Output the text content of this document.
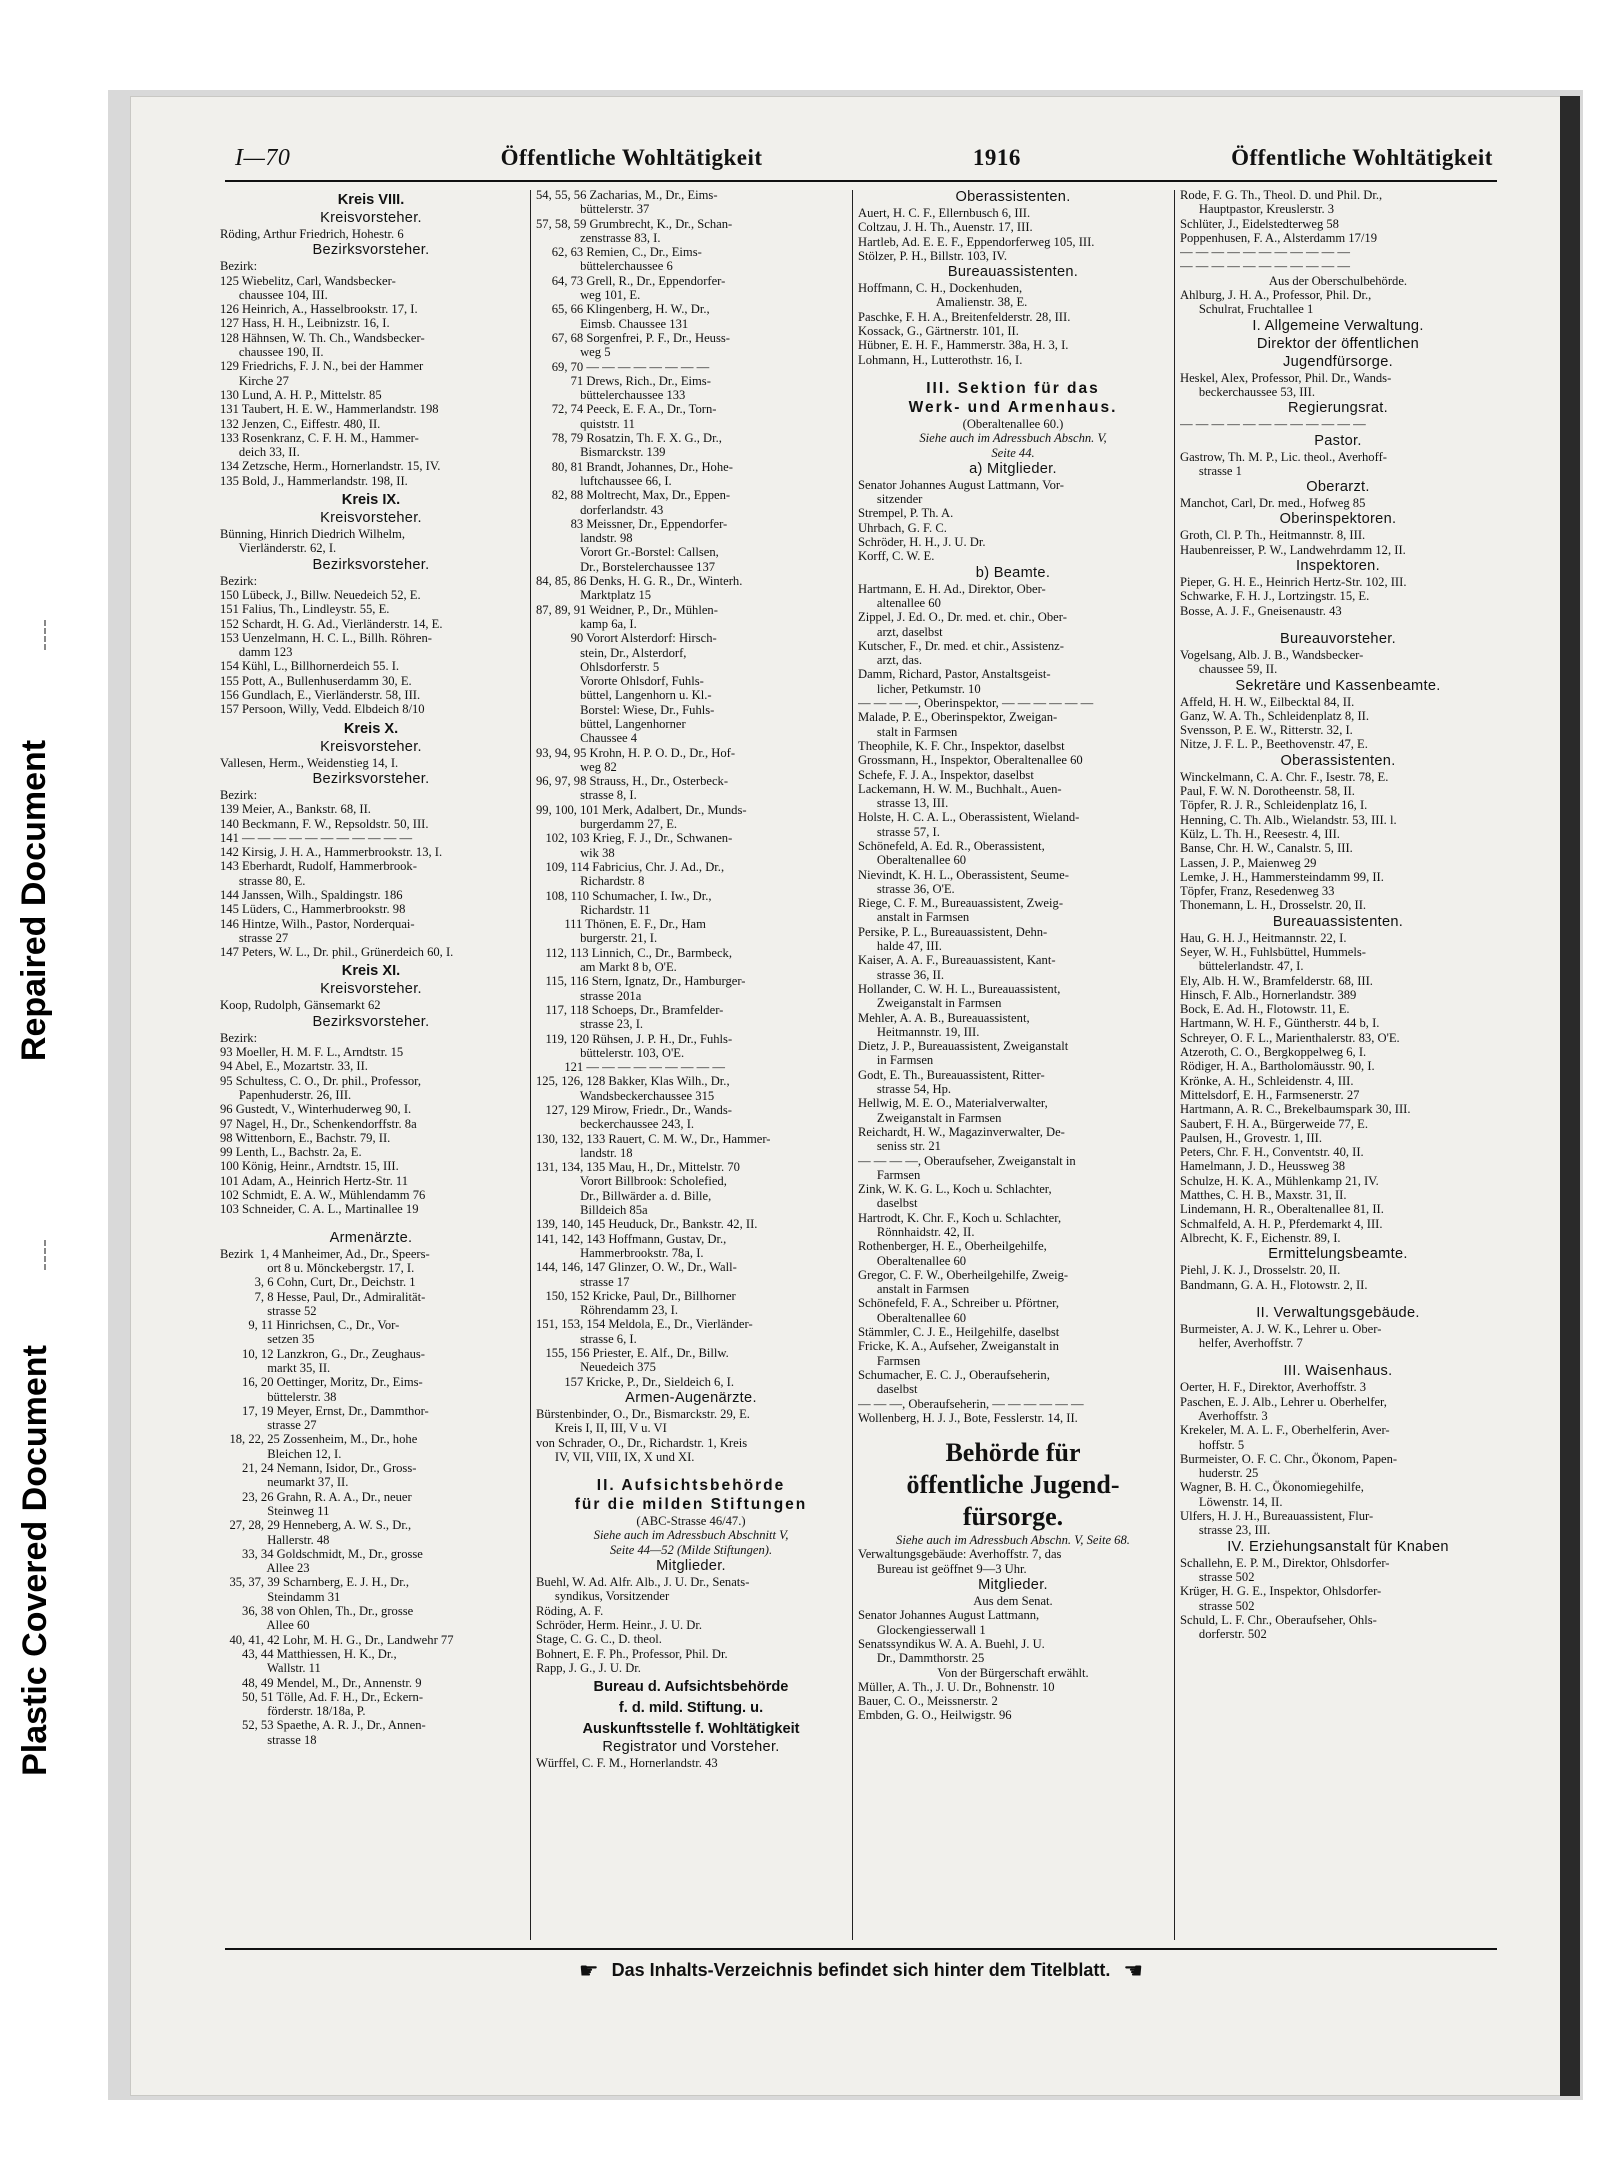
Repaired Document
Plastic Covered Document
I—70	Öffentliche Wohltätigkeit	1916	Öffentliche Wohltätigkeit
Kreis VIII.
Kreisvorsteher.
Röding, Arthur Friedrich, Hohestr. 6
Bezirksvorsteher.
Bezirk:
125 Wiebelitz, Carl, Wandsbecker-
chaussee 104, III.
126 Heinrich, A., Hasselbrookstr. 17, I.
127 Hass, H. H., Leibnizstr. 16, I.
128 Hähnsen, W. Th. Ch., Wandsbecker-
chaussee 190, II.
129 Friedrichs, F. J. N., bei der Hammer
Kirche 27
130 Lund, A. H. P., Mittelstr. 85
131 Taubert, H. E. W., Hammerlandstr. 198
132 Jenzen, C., Eiffestr. 480, II.
133 Rosenkranz, C. F. H. M., Hammer-
deich 33, II.
134 Zetzsche, Herm., Hornerlandstr. 15, IV.
135 Bold, J., Hammerlandstr. 198, II.
Kreis IX.
Kreisvorsteher.
Bünning, Hinrich Diedrich Wilhelm,
Vierländerstr. 62, I.
Bezirksvorsteher.
Bezirk:
150 Lübeck, J., Billw. Neuedeich 52, E.
151 Falius, Th., Lindleystr. 55, E.
152 Schardt, H. G. Ad., Vierländerstr. 14, E.
153 Uenzelmann, H. C. L., Billh. Röhren-
damm 123
154 Kühl, L., Billhornerdeich 55. I.
155 Pott, A., Bullenhuserdamm 30, E.
156 Gundlach, E., Vierländerstr. 58, III.
157 Persoon, Willy, Vedd. Elbdeich 8/10
Kreis X.
Kreisvorsteher.
Vallesen, Herm., Weidenstieg 14, I.
Bezirksvorsteher.
Bezirk:
139 Meier, A., Bankstr. 68, II.
140 Beckmann, F. W., Repsoldstr. 50, III.
141 — — — — — — — — — — —
142 Kirsig, J. H. A., Hammerbrookstr. 13, I.
143 Eberhardt, Rudolf, Hammerbrook-
strasse 80, E.
144 Janssen, Wilh., Spaldingstr. 186
145 Lüders, C., Hammerbrookstr. 98
146 Hintze, Wilh., Pastor, Norderquai-
strasse 27
147 Peters, W. L., Dr. phil., Grünerdeich 60, I.
Kreis XI.
Kreisvorsteher.
Koop, Rudolph, Gänsemarkt 62
Bezirksvorsteher.
Bezirk:
93 Moeller, H. M. F. L., Arndtstr. 15
94 Abel, E., Mozartstr. 33, II.
95 Schultess, C. O., Dr. phil., Professor,
Papenhuderstr. 26, III.
96 Gustedt, V., Winterhuderweg 90, I.
97 Nagel, H., Dr., Schenkendorffstr. 8a
98 Wittenborn, E., Bachstr. 79, II.
99 Lenth, L., Bachstr. 2a, E.
100 König, Heinr., Arndtstr. 15, III.
101 Adam, A., Heinrich Hertz-Str. 11
102 Schmidt, E. A. W., Mühlendamm 76
103 Schneider, C. A. L., Martinallee 19
Armenärzte.
Bezirk  1, 4 Manheimer, Ad., Dr., Speers-
ort 8 u. Mönckebergstr. 17, I.
3, 6 Cohn, Curt, Dr., Deichstr. 1
7, 8 Hesse, Paul, Dr., Admiralität-
strasse 52
9, 11 Hinrichsen, C., Dr., Vor-
setzen 35
10, 12 Lanzkron, G., Dr., Zeughaus-
markt 35, II.
16, 20 Oettinger, Moritz, Dr., Eims-
büttelerstr. 38
17, 19 Meyer, Ernst, Dr., Dammthor-
strasse 27
18, 22, 25 Zossenheim, M., Dr., hohe
Bleichen 12, I.
21, 24 Nemann, Isidor, Dr., Gross-
neumarkt 37, II.
23, 26 Grahn, R. A. A., Dr., neuer
Steinweg 11
27, 28, 29 Henneberg, A. W. S., Dr.,
Hallerstr. 48
33, 34 Goldschmidt, M., Dr., grosse
Allee 23
35, 37, 39 Scharnberg, E. J. H., Dr.,
Steindamm 31
36, 38 von Ohlen, Th., Dr., grosse
Allee 60
40, 41, 42 Lohr, M. H. G., Dr., Landwehr 77
43, 44 Matthiessen, H. K., Dr.,
Wallstr. 11
48, 49 Mendel, M., Dr., Annenstr. 9
50, 51 Tölle, Ad. F. H., Dr., Eckern-
förderstr. 18/18a, P.
52, 53 Spaethe, A. R. J., Dr., Annen-
strasse 18
54, 55, 56 Zacharias, M., Dr., Eims-
büttelerstr. 37
57, 58, 59 Grumbrecht, K., Dr., Schan-
zenstrasse 83, I.
62, 63 Remien, C., Dr., Eims-
büttelerchaussee 6
64, 73 Grell, R., Dr., Eppendorfer-
weg 101, E.
65, 66 Klingenberg, H. W., Dr.,
Eimsb. Chaussee 131
67, 68 Sorgenfrei, P. F., Dr., Heuss-
weg 5
69, 70 — — — — — — — —
71 Drews, Rich., Dr., Eims-
büttelerchaussee 133
72, 74 Peeck, E. F. A., Dr., Torn-
quiststr. 11
78, 79 Rosatzin, Th. F. X. G., Dr.,
Bismarckstr. 139
80, 81 Brandt, Johannes, Dr., Hohe-
luftchaussee 66, I.
82, 88 Moltrecht, Max, Dr., Eppen-
dorferlandstr. 43
83 Meissner, Dr., Eppendorfer-
landstr. 98
Vorort Gr.-Borstel: Callsen,
Dr., Borstelerchaussee 137
84, 85, 86 Denks, H. G. R., Dr., Winterh.
Marktplatz 15
87, 89, 91 Weidner, P., Dr., Mühlen-
kamp 6a, I.
90 Vorort Alsterdorf: Hirsch-
stein, Dr., Alsterdorf,
Ohlsdorferstr. 5
Vororte Ohlsdorf, Fuhls-
büttel, Langenhorn u. Kl.-
Borstel: Wiese, Dr., Fuhls-
büttel, Langenhorner
Chaussee 4
93, 94, 95 Krohn, H. P. O. D., Dr., Hof-
weg 82
96, 97, 98 Strauss, H., Dr., Osterbeck-
strasse 8, I.
99, 100, 101 Merk, Adalbert, Dr., Munds-
burgerdamm 27, E.
102, 103 Krieg, F. J., Dr., Schwanen-
wik 38
109, 114 Fabricius, Chr. J. Ad., Dr.,
Richardstr. 8
108, 110 Schumacher, I. Iw., Dr.,
Richardstr. 11
111 Thönen, E. F., Dr., Ham
burgerstr. 21, I.
112, 113 Linnich, C., Dr., Barmbeck,
am Markt 8 b, O'E.
115, 116 Stern, Ignatz, Dr., Hamburger-
strasse 201a
117, 118 Schoeps, Dr., Bramfelder-
strasse 23, I.
119, 120 Rühsen, J. P. H., Dr., Fuhls-
büttelerstr. 103, O'E.
121 — — — — — — — — —
125, 126, 128 Bakker, Klas Wilh., Dr.,
Wandsbeckerchaussee 315
127, 129 Mirow, Friedr., Dr., Wands-
beckerchaussee 243, I.
130, 132, 133 Rauert, C. M. W., Dr., Hammer-
landstr. 18
131, 134, 135 Mau, H., Dr., Mittelstr. 70
Vorort Billbrook: Scholefied,
Dr., Billwärder a. d. Bille,
Billdeich 85a
139, 140, 145 Heuduck, Dr., Bankstr. 42, II.
141, 142, 143 Hoffmann, Gustav, Dr.,
Hammerbrookstr. 78a, I.
144, 146, 147 Glinzer, O. W., Dr., Wall-
strasse 17
150, 152 Kricke, Paul, Dr., Billhorner
Röhrendamm 23, I.
151, 153, 154 Meldola, E., Dr., Vierländer-
strasse 6, I.
155, 156 Priester, E. Alf., Dr., Billw.
Neuedeich 375
157 Kricke, P., Dr., Sieldeich 6, I.
Armen-Augenärzte.
Bürstenbinder, O., Dr., Bismarckstr. 29, E.
Kreis I, II, III, V u. VI
von Schrader, O., Dr., Richardstr. 1, Kreis
IV, VII, VIII, IX, X und XI.
II. Aufsichtsbehörde
für die milden Stiftungen
(ABC-Strasse 46/47.)
Siehe auch im Adressbuch Abschnitt V,
Seite 44—52 (Milde Stiftungen).
Mitglieder.
Buehl, W. Ad. Alfr. Alb., J. U. Dr., Senats-
syndikus, Vorsitzender
Röding, A. F.
Schröder, Herm. Heinr., J. U. Dr.
Stage, C. G. C., D. theol.
Bohnert, E. F. Ph., Professor, Phil. Dr.
Rapp, J. G., J. U. Dr.
Bureau d. Aufsichtsbehörde
f. d. mild. Stiftung. u.
Auskunftsstelle f. Wohltätigkeit
Registrator und Vorsteher.
Würffel, C. F. M., Hornerlandstr. 43
Oberassistenten.
Auert, H. C. F., Ellernbusch 6, III.
Coltzau, J. H. Th., Auenstr. 17, III.
Hartleb, Ad. E. E. F., Eppendorferweg 105, III.
Stölzer, P. H., Billstr. 103, IV.
Bureauassistenten.
Hoffmann, C. H., Dockenhuden,
Amalienstr. 38, E.
Paschke, F. H. A., Breitenfelderstr. 28, III.
Kossack, G., Gärtnerstr. 101, II.
Hübner, E. H. F., Hammerstr. 38a, H. 3, I.
Lohmann, H., Lutterothstr. 16, I.
III. Sektion für das
Werk- und Armenhaus.
(Oberaltenallee 60.)
Siehe auch im Adressbuch Abschn. V,
Seite 44.
a) Mitglieder.
Senator Johannes August Lattmann, Vor-
sitzender
Strempel, P. Th. A.
Uhrbach, G. F. C.
Schröder, H. H., J. U. Dr.
Korff, C. W. E.
b) Beamte.
Hartmann, E. H. Ad., Direktor, Ober-
altenallee 60
Zippel, J. Ed. O., Dr. med. et. chir., Ober-
arzt, daselbst
Kutscher, F., Dr. med. et chir., Assistenz-
arzt, das.
Damm, Richard, Pastor, Anstaltsgeist-
licher, Petkumstr. 10
— — — —, Oberinspektor, — — — — — —
Malade, P. E., Oberinspektor, Zweigan-
stalt in Farmsen
Theophile, K. F. Chr., Inspektor, daselbst
Grossmann, H., Inspektor, Oberaltenallee 60
Schefe, F. J. A., Inspektor, daselbst
Lackemann, H. W. M., Buchhalt., Auen-
strasse 13, III.
Holste, H. C. A. L., Oberassistent, Wieland-
strasse 57, I.
Schönefeld, A. Ed. R., Oberassistent,
Oberaltenallee 60
Nievindt, K. H. L., Oberassistent, Seume-
strasse 36, O'E.
Riege, C. F. M., Bureauassistent, Zweig-
anstalt in Farmsen
Persike, P. L., Bureauassistent, Dehn-
halde 47, III.
Kaiser, A. A. F., Bureauassistent, Kant-
strasse 36, II.
Hollander, C. W. H. L., Bureauassistent,
Zweiganstalt in Farmsen
Mehler, A. A. B., Bureauassistent,
Heitmannstr. 19, III.
Dietz, J. P., Bureauassistent, Zweiganstalt
in Farmsen
Godt, E. Th., Bureauassistent, Ritter-
strasse 54, Hp.
Hellwig, M. E. O., Materialverwalter,
Zweiganstalt in Farmsen
Reichardt, H. W., Magazinverwalter, De-
seniss str. 21
— — — —, Oberaufseher, Zweiganstalt in
Farmsen
Zink, W. K. G. L., Koch u. Schlachter,
daselbst
Hartrodt, K. Chr. F., Koch u. Schlachter,
Rönnhaidstr. 42, II.
Rothenberger, H. E., Oberheilgehilfe,
Oberaltenallee 60
Gregor, C. F. W., Oberheilgehilfe, Zweig-
anstalt in Farmsen
Schönefeld, F. A., Schreiber u. Pförtner,
Oberaltenallee 60
Stämmler, C. J. E., Heilgehilfe, daselbst
Fricke, K. A., Aufseher, Zweiganstalt in
Farmsen
Schumacher, E. C. J., Oberaufseherin,
daselbst
— — —, Oberaufseherin, — — — — — —
Wollenberg, H. J. J., Bote, Fesslerstr. 14, II.
Behörde für
öffentliche Jugend-
fürsorge.
Siehe auch im Adressbuch Abschn. V, Seite 68.
Verwaltungsgebäude: Averhoffstr. 7, das
Bureau ist geöffnet 9—3 Uhr.
Mitglieder.
Aus dem Senat.
Senator Johannes August Lattmann,
Glockengiesserwall 1
Senatssyndikus W. A. A. Buehl, J. U.
Dr., Dammthorstr. 25
Von der Bürgerschaft erwählt.
Müller, A. Th., J. U. Dr., Bohnenstr. 10
Bauer, C. O., Meissnerstr. 2
Embden, G. O., Heilwigstr. 96
Rode, F. G. Th., Theol. D. und Phil. Dr.,
Hauptpastor, Kreuslerstr. 3
Schlüter, J., Eidelstedterweg 58
Poppenhusen, F. A., Alsterdamm 17/19
— — — — — — — — — — —
— — — — — — — — — — —
Aus der Oberschulbehörde.
Ahlburg, J. H. A., Professor, Phil. Dr.,
Schulrat, Fruchtallee 1
I. Allgemeine Verwaltung.
Direktor der öffentlichen
Jugendfürsorge.
Heskel, Alex, Professor, Phil. Dr., Wands-
beckerchaussee 53, III.
Regierungsrat.
— — — — — — — — — — — —
Pastor.
Gastrow, Th. M. P., Lic. theol., Averhoff-
strasse 1
Oberarzt.
Manchot, Carl, Dr. med., Hofweg 85
Oberinspektoren.
Groth, Cl. P. Th., Heitmannstr. 8, III.
Haubenreisser, P. W., Landwehrdamm 12, II.
Inspektoren.
Pieper, G. H. E., Heinrich Hertz-Str. 102, III.
Schwarke, F. H. J., Lortzingstr. 15, E.
Bosse, A. J. F., Gneisenaustr. 43
Bureauvorsteher.
Vogelsang, Alb. J. B., Wandsbecker-
chaussee 59, II.
Sekretäre und Kassenbeamte.
Affeld, H. H. W., Eilbecktal 84, II.
Ganz, W. A. Th., Schleidenplatz 8, II.
Svensson, P. E. W., Ritterstr. 32, I.
Nitze, J. F. L. P., Beethovenstr. 47, E.
Oberassistenten.
Winckelmann, C. A. Chr. F., Isestr. 78, E.
Paul, F. W. N. Dorotheenstr. 58, II.
Töpfer, R. J. R., Schleidenplatz 16, I.
Henning, C. Th. Alb., Wielandstr. 53, III. l.
Külz, L. Th. H., Reesestr. 4, III.
Banse, Chr. H. W., Canalstr. 5, III.
Lassen, J. P., Maienweg 29
Lemke, J. H., Hammersteindamm 99, II.
Töpfer, Franz, Resedenweg 33
Thonemann, L. H., Drosselstr. 20, II.
Bureauassistenten.
Hau, G. H. J., Heitmannstr. 22, I.
Seyer, W. H., Fuhlsbüttel, Hummels-
büttelerlandstr. 47, I.
Ely, Alb. H. W., Bramfelderstr. 68, III.
Hinsch, F. Alb., Hornerlandstr. 389
Bock, E. Ad. H., Flotowstr. 11, E.
Hartmann, W. H. F., Güntherstr. 44 b, I.
Schreyer, O. F. L., Marienthalerstr. 83, O'E.
Atzeroth, C. O., Bergkoppelweg 6, I.
Rödiger, H. A., Bartholomäusstr. 90, I.
Krönke, A. H., Schleidenstr. 4, III.
Mittelsdorf, E. H., Farmsenerstr. 27
Hartmann, A. R. C., Brekelbaumspark 30, III.
Saubert, F. H. A., Bürgerweide 77, E.
Paulsen, H., Grovestr. 1, III.
Peters, Chr. F. H., Conventstr. 40, II.
Hamelmann, J. D., Heussweg 38
Schulze, H. K. A., Mühlenkamp 21, IV.
Matthes, C. H. B., Maxstr. 31, II.
Lindemann, H. R., Oberaltenallee 81, II.
Schmalfeld, A. H. P., Pferdemarkt 4, III.
Albrecht, K. F., Eichenstr. 89, I.
Ermittelungsbeamte.
Piehl, J. K. J., Drosselstr. 20, II.
Bandmann, G. A. H., Flotowstr. 2, II.
II. Verwaltungsgebäude.
Burmeister, A. J. W. K., Lehrer u. Ober-
helfer, Averhoffstr. 7
III. Waisenhaus.
Oerter, H. F., Direktor, Averhoffstr. 3
Paschen, E. J. Alb., Lehrer u. Oberhelfer,
Averhoffstr. 3
Krekeler, M. A. L. F., Oberhelferin, Aver-
hoffstr. 5
Burmeister, O. F. C. Chr., Ökonom, Papen-
huderstr. 25
Wagner, B. H. C., Ökonomiegehilfe,
Löwenstr. 14, II.
Ulfers, H. J. H., Bureauassistent, Flur-
strasse 23, III.
IV. Erziehungsanstalt für Knaben
Schallehn, E. P. M., Direktor, Ohlsdorfer-
strasse 502
Krüger, H. G. E., Inspektor, Ohlsdorfer-
strasse 502
Schuld, L. F. Chr., Oberaufseher, Ohls-
dorferstr. 502
☛ Das Inhalts-Verzeichnis befindet sich hinter dem Titelblatt. ☚
